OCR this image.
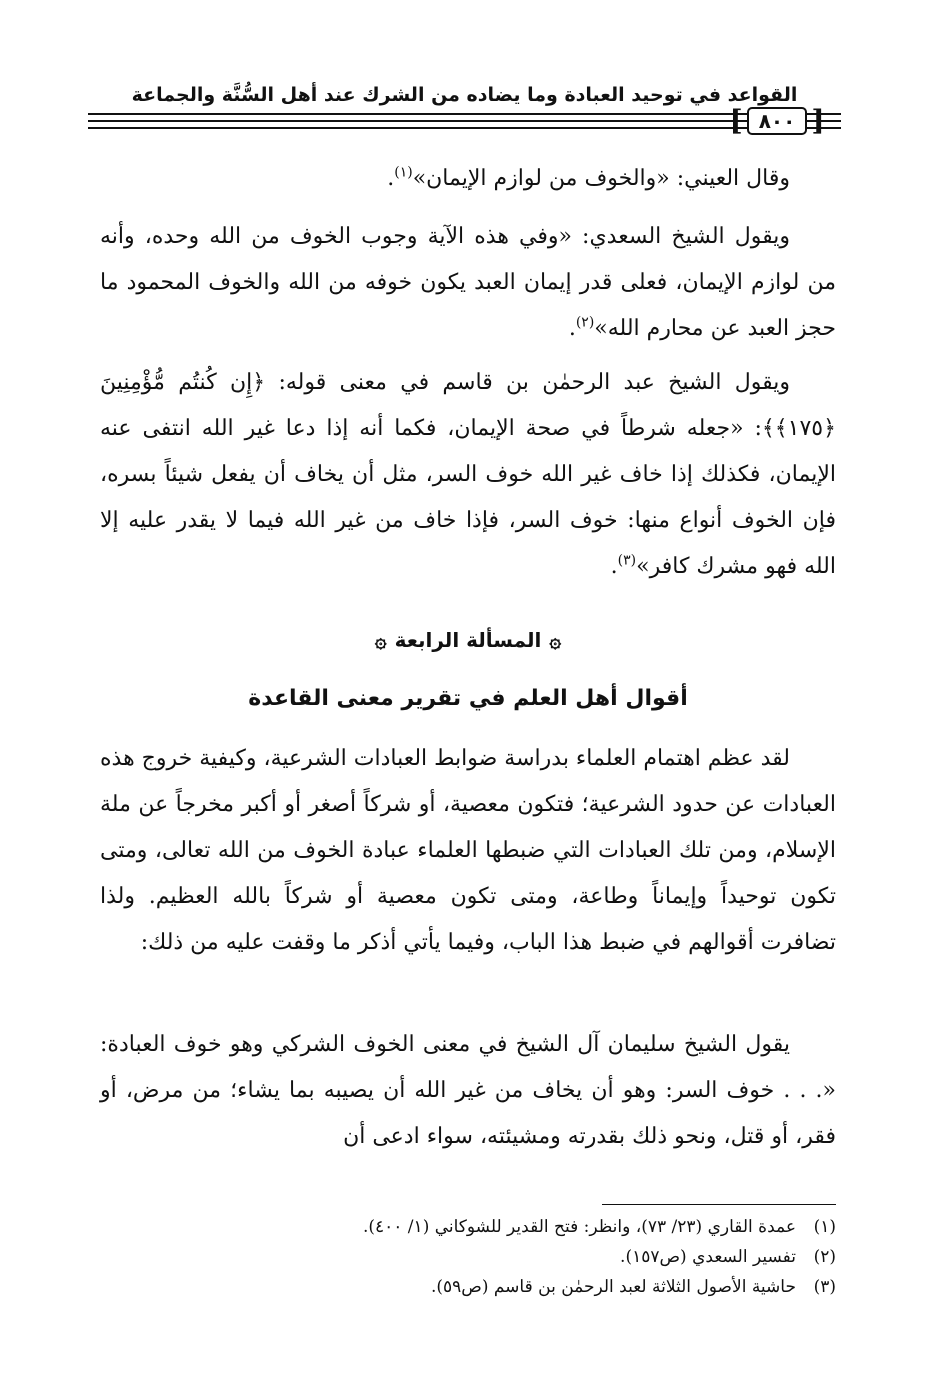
القواعد في توحيد العبادة وما يضاده من الشرك عند أهل السُّنَّة والجماعة
[ ٨٠٠ ]
وقال العيني: «والخوف من لوازم الإيمان»$^{(١)}$.
ويقول الشيخ السعدي: «وفي هذه الآية وجوب الخوف من الله وحده، وأنه من لوازم الإيمان، فعلى قدر إيمان العبد يكون خوفه من الله والخوف المحمود ما حجز العبد عن محارم الله»$^{(٢)}$.
ويقول الشيخ عبد الرحمٰن بن قاسم في معنى قوله: ﴿إِن كُنتُم مُّؤْمِنِينَ ﴿١٧٥﴾﴾: «جعله شرطاً في صحة الإيمان، فكما أنه إذا دعا غير الله انتفى عنه الإيمان، فكذلك إذا خاف غير الله خوف السر، مثل أن يخاف أن يفعل شيئاً بسره، فإن الخوف أنواع منها: خوف السر، فإذا خاف من غير الله فيما لا يقدر عليه إلا الله فهو مشرك كافر»$^{(٣)}$.
۞المسألة الرابعة۞
أقوال أهل العلم في تقرير معنى القاعدة
لقد عظم اهتمام العلماء بدراسة ضوابط العبادات الشرعية، وكيفية خروج هذه العبادات عن حدود الشرعية؛ فتكون معصية، أو شركاً أصغر أو أكبر مخرجاً عن ملة الإسلام، ومن تلك العبادات التي ضبطها العلماء عبادة الخوف من الله تعالى، ومتى تكون توحيداً وإيماناً وطاعة، ومتى تكون معصية أو شركاً بالله العظيم. ولذا تضافرت أقوالهم في ضبط هذا الباب، وفيما يأتي أذكر ما وقفت عليه من ذلك:
يقول الشيخ سليمان آل الشيخ في معنى الخوف الشركي وهو خوف العبادة: «. . . خوف السر: وهو أن يخاف من غير الله أن يصيبه بما يشاء؛ من مرض، أو فقر، أو قتل، ونحو ذلك بقدرته ومشيئته، سواء ادعى أن
(١)عمدة القاري (٢٣/ ٧٣)، وانظر: فتح القدير للشوكاني (١/ ٤٠٠).
(٢)تفسير السعدي (ص١٥٧).
(٣)حاشية الأصول الثلاثة لعبد الرحمٰن بن قاسم (ص٥٩).
